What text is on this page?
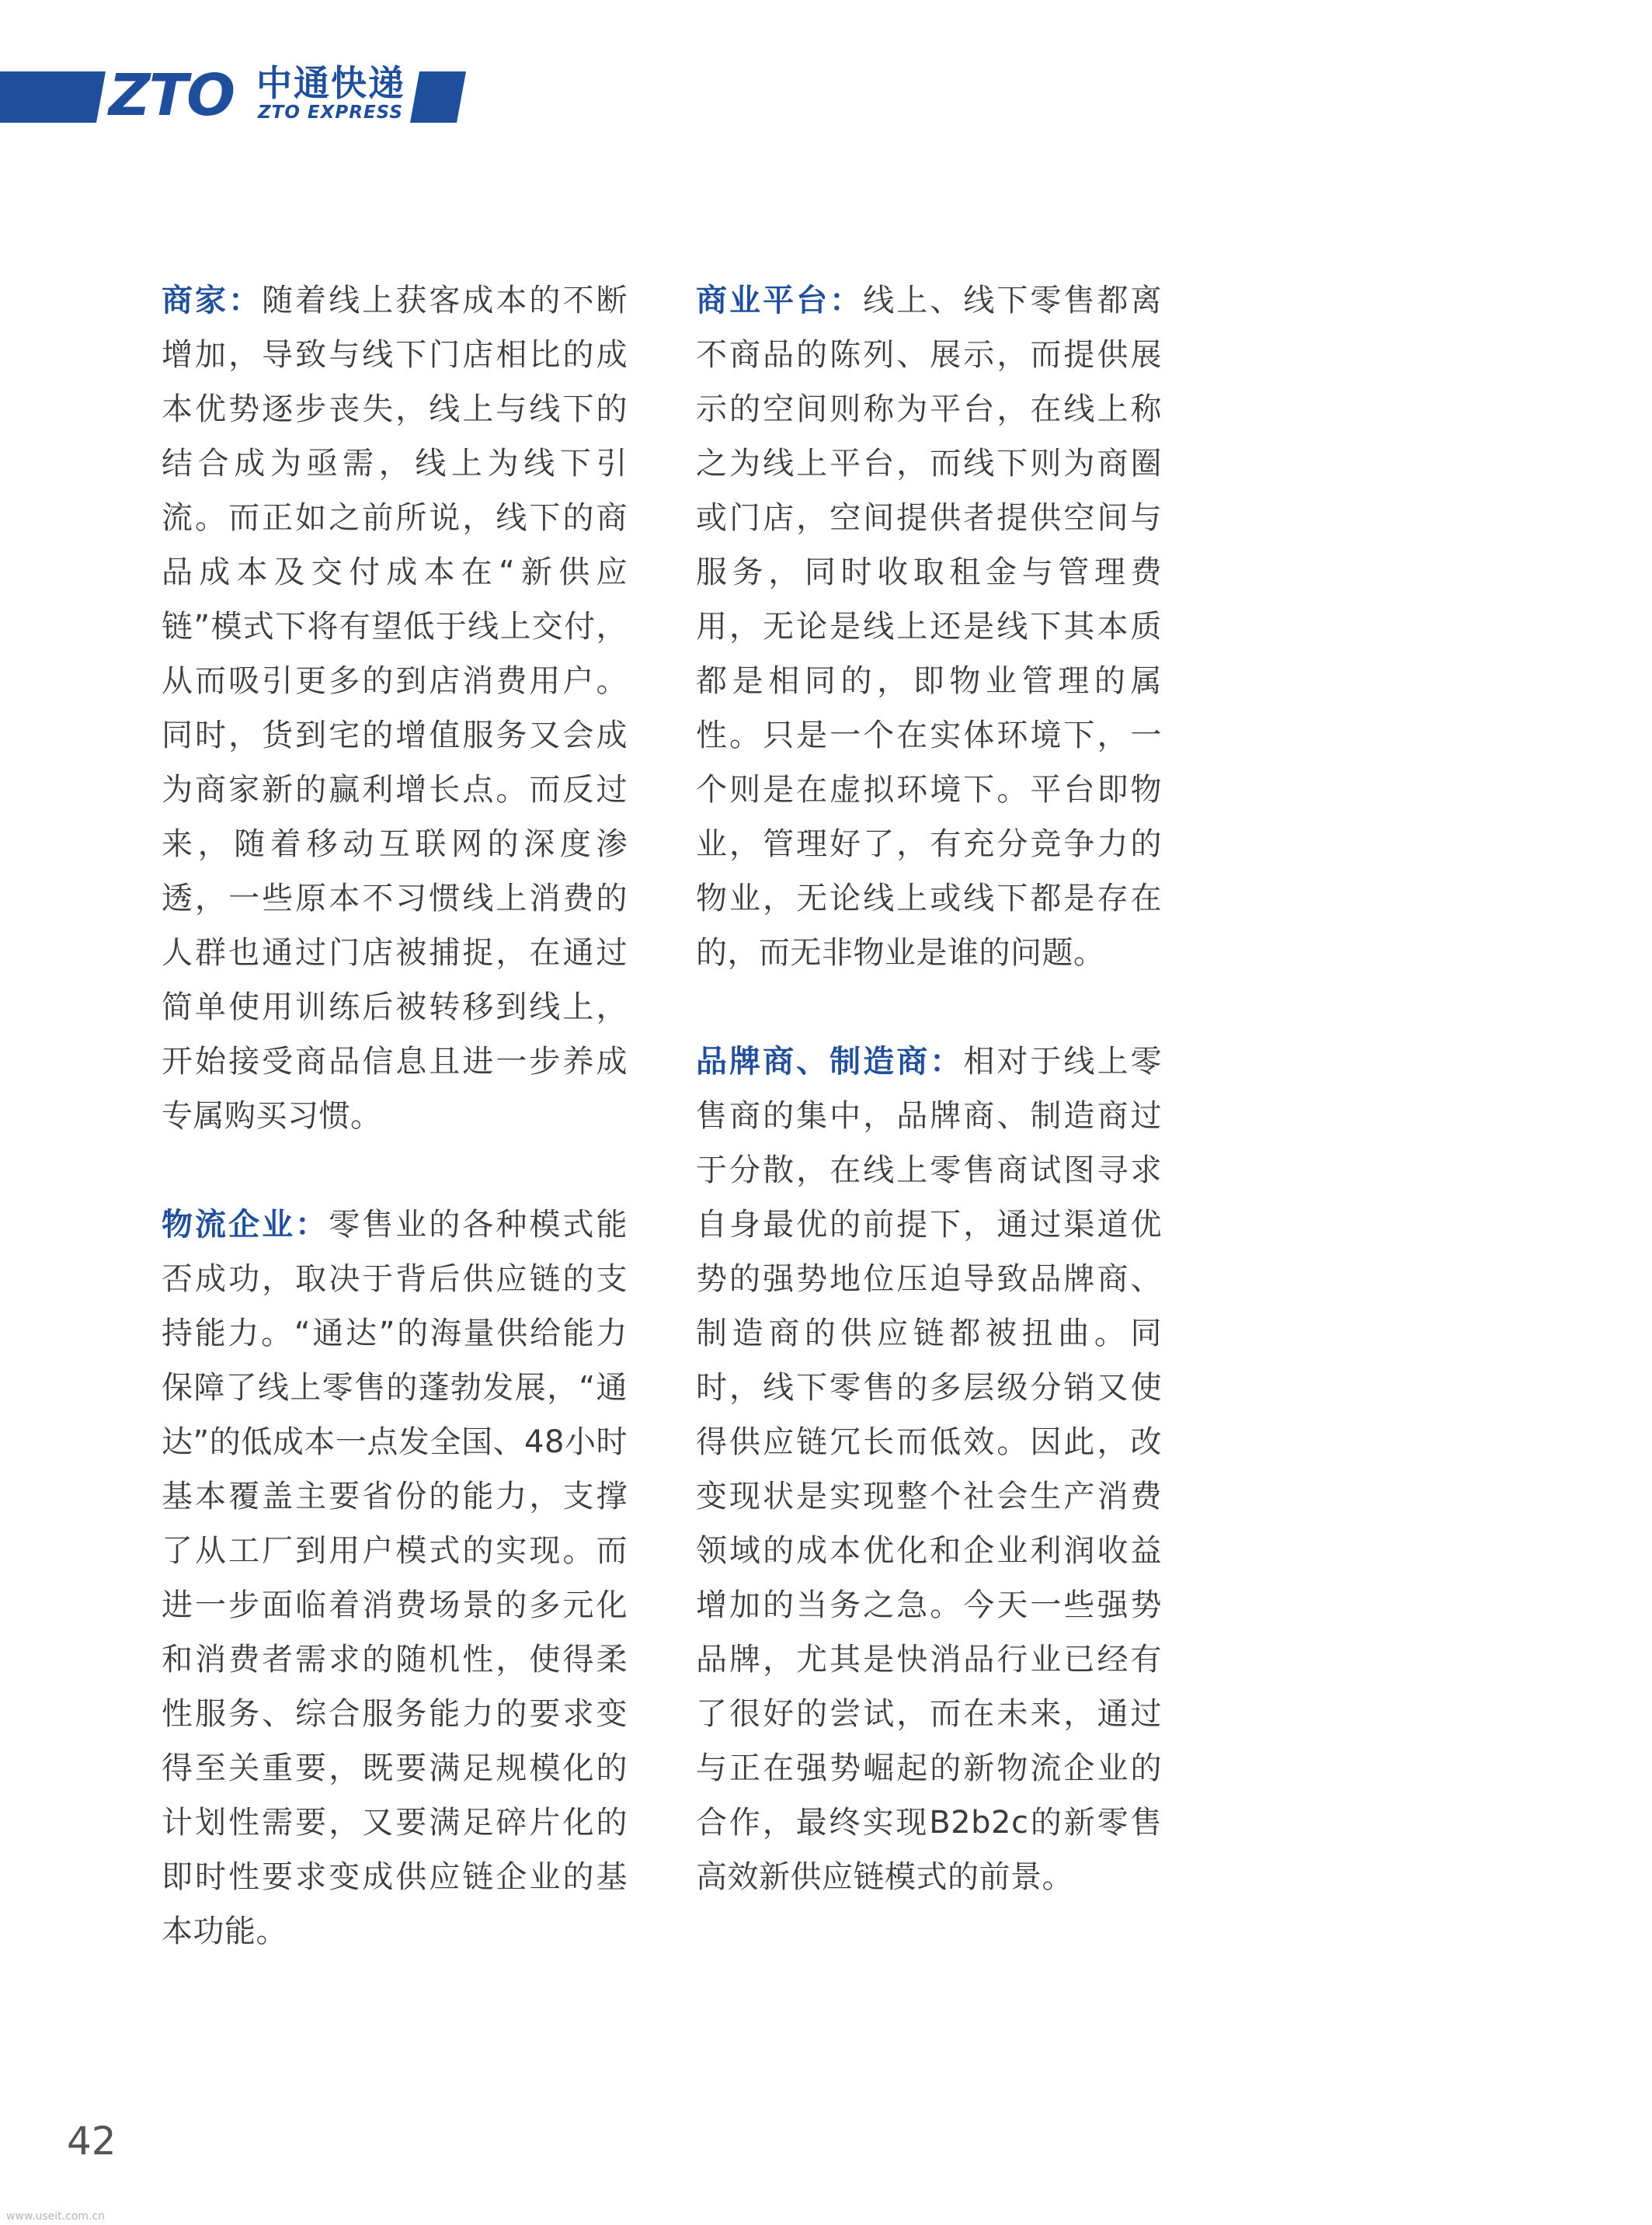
ZTO 中通快递
ZTO EXPRESS

商家：随着线上获客成本的不断增加，导致与线下门店相比的成本优势逐步丧失，线上与线下的结合成为亟需，线上为线下引流。而正如之前所说，线下的商品成本及交付成本在“新供应链”模式下将有望低于线上交付，从而吸引更多的到店消费用户。同时，货到宅的增值服务又会成为商家新的赢利增长点。而反过来，随着移动互联网的深度渗透，一些原本不习惯线上消费的人群也通过门店被捕捉，在通过简单使用训练后被转移到线上，开始接受商品信息且进一步养成专属购买习惯。

物流企业：零售业的各种模式能否成功，取决于背后供应链的支持能力。“通达”的海量供给能力保障了线上零售的蓬勃发展，“通达”的低成本一点发全国、48小时基本覆盖主要省份的能力，支撑了从工厂到用户模式的实现。而进一步面临着消费场景的多元化和消费者需求的随机性，使得柔性服务、综合服务能力的要求变得至关重要，既要满足规模化的计划性需要，又要满足碎片化的即时性要求变成供应链企业的基本功能。

商业平台：线上、线下零售都离不商品的陈列、展示，而提供展示的空间则称为平台，在线上称之为线上平台，而线下则为商圈或门店，空间提供者提供空间与服务，同时收取租金与管理费用，无论是线上还是线下其本质都是相同的，即物业管理的属性。只是一个在实体环境下，一个则是在虚拟环境下。平台即物业，管理好了，有充分竞争力的物业，无论线上或线下都是存在的，而无非物业是谁的问题。

品牌商、制造商：相对于线上零售商的集中，品牌商、制造商过于分散，在线上零售商试图寻求自身最优的前提下，通过渠道优势的强势地位压迫导致品牌商、制造商的供应链都被扭曲。同时，线下零售的多层级分销又使得供应链冗长而低效。因此，改变现状是实现整个社会生产消费领域的成本优化和企业利润收益增加的当务之急。今天一些强势品牌，尤其是快消品行业已经有了很好的尝试，而在未来，通过与正在强势崛起的新物流企业的合作，最终实现B2b2c的新零售高效新供应链模式的前景。

42
www.useit.com.cn
